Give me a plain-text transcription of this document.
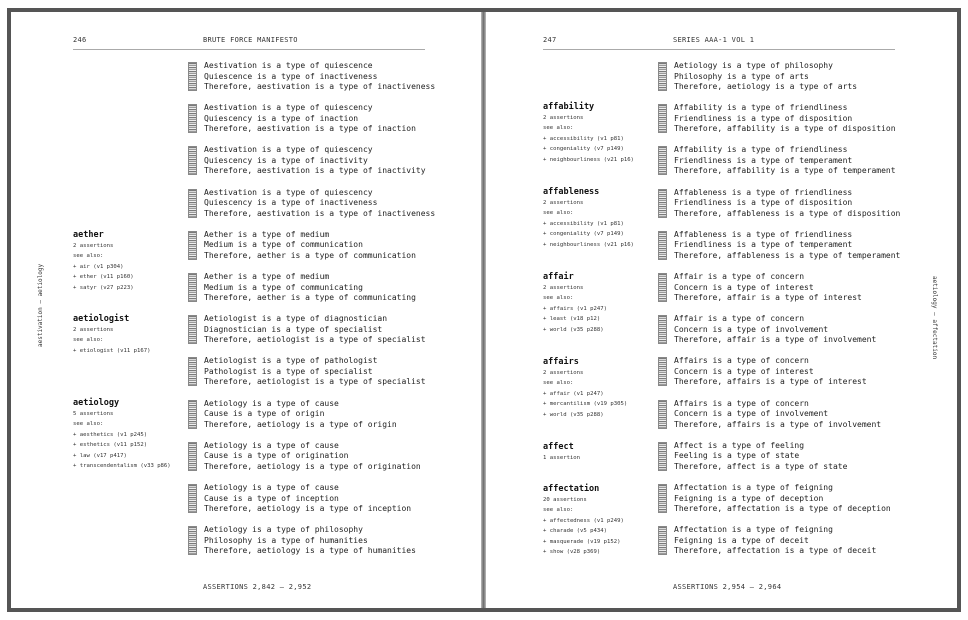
246	BRUTE FORCE MANIFESTO
aestivation — aetiology
aether
2 assertions
see also:
+ air (v1 p304)
+ ether (v11 p160)
+ satyr (v27 p223)
aetiologist
2 assertions
see also:
+ etiologist (v11 p167)
aetiology
5 assertions
see also:
+ aesthetics (v1 p245)
+ esthetics (v11 p152)
+ law (v17 p417)
+ transcendentalism (v33 p86)
Aestivation is a type of quiescence
Quiescence is a type of inactiveness
Therefore, aestivation is a type of inactiveness
Aestivation is a type of quiescency
Quiescency is a type of inaction
Therefore, aestivation is a type of inaction
Aestivation is a type of quiescency
Quiescency is a type of inactivity
Therefore, aestivation is a type of inactivity
Aestivation is a type of quiescency
Quiescency is a type of inactiveness
Therefore, aestivation is a type of inactiveness
Aether is a type of medium
Medium is a type of communication
Therefore, aether is a type of communication
Aether is a type of medium
Medium is a type of communicating
Therefore, aether is a type of communicating
Aetiologist is a type of diagnostician
Diagnostician is a type of specialist
Therefore, aetiologist is a type of specialist
Aetiologist is a type of pathologist
Pathologist is a type of specialist
Therefore, aetiologist is a type of specialist
Aetiology is a type of cause
Cause is a type of origin
Therefore, aetiology is a type of origin
Aetiology is a type of cause
Cause is a type of origination
Therefore, aetiology is a type of origination
Aetiology is a type of cause
Cause is a type of inception
Therefore, aetiology is a type of inception
Aetiology is a type of philosophy
Philosophy is a type of humanities
Therefore, aetiology is a type of humanities
ASSERTIONS 2,842 – 2,952
247	SERIES AAA-1 VOL 1
aetiology — affectation
affability
2 assertions
see also:
+ accessibility (v1 p81)
+ congeniality (v7 p149)
+ neighbourliness (v21 p16)
affableness
2 assertions
see also:
+ accessibility (v1 p81)
+ congeniality (v7 p149)
+ neighbourliness (v21 p16)
affair
2 assertions
see also:
+ affairs (v1 p247)
+ least (v18 p12)
+ world (v35 p288)
affairs
2 assertions
see also:
+ affair (v1 p247)
+ mercantilism (v19 p305)
+ world (v35 p288)
affect
1 assertion
affectation
20 assertions
see also:
+ affectedness (v1 p249)
+ charade (v5 p434)
+ masquerade (v19 p152)
+ show (v28 p369)
Aetiology is a type of philosophy
Philosophy is a type of arts
Therefore, aetiology is a type of arts
Affability is a type of friendliness
Friendliness is a type of disposition
Therefore, affability is a type of disposition
Affability is a type of friendliness
Friendliness is a type of temperament
Therefore, affability is a type of temperament
Affableness is a type of friendliness
Friendliness is a type of disposition
Therefore, affableness is a type of disposition
Affableness is a type of friendliness
Friendliness is a type of temperament
Therefore, affableness is a type of temperament
Affair is a type of concern
Concern is a type of interest
Therefore, affair is a type of interest
Affair is a type of concern
Concern is a type of involvement
Therefore, affair is a type of involvement
Affairs is a type of concern
Concern is a type of interest
Therefore, affairs is a type of interest
Affairs is a type of concern
Concern is a type of involvement
Therefore, affairs is a type of involvement
Affect is a type of feeling
Feeling is a type of state
Therefore, affect is a type of state
Affectation is a type of feigning
Feigning is a type of deception
Therefore, affectation is a type of deception
Affectation is a type of feigning
Feigning is a type of deceit
Therefore, affectation is a type of deceit
ASSERTIONS 2,954 – 2,964
